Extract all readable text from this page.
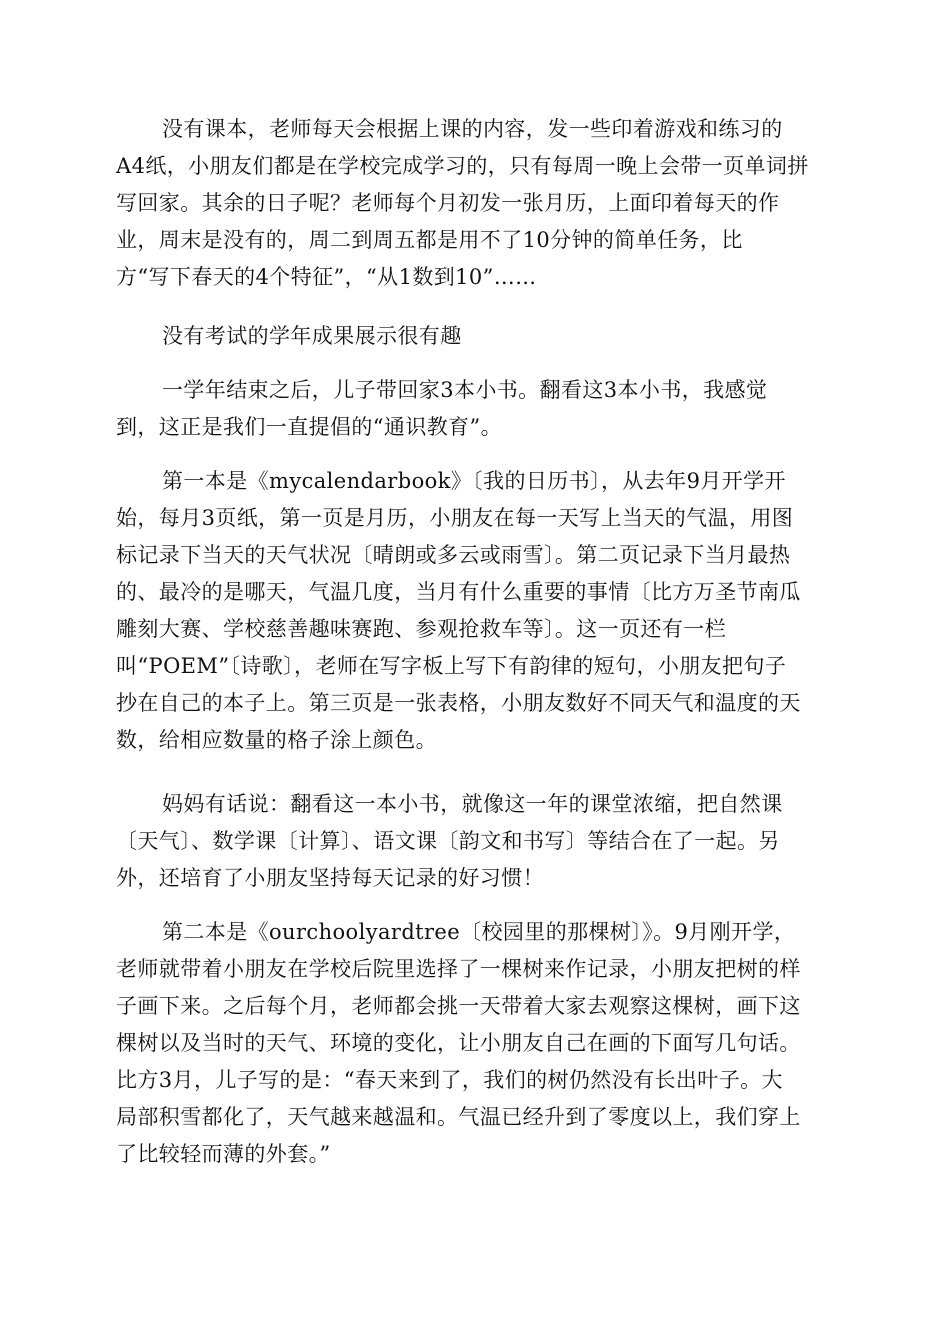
没有课本，老师每天会根据上课的内容，发一些印着游戏和练习的
A4纸，小朋友们都是在学校完成学习的，只有每周一晚上会带一页单词拼
写回家。其余的日子呢？老师每个月初发一张月历，上面印着每天的作
业，周末是没有的，周二到周五都是用不了10分钟的简单任务，比
方“写下春天的4个特征”，“从1数到10”……
没有考试的学年成果展示很有趣
一学年结束之后，儿子带回家3本小书。翻看这3本小书，我感觉
到，这正是我们一直提倡的“通识教育”。
第一本是《mycalendarbook》〔我的日历书〕，从去年9月开学开
始，每月3页纸，第一页是月历，小朋友在每一天写上当天的气温，用图
标记录下当天的天气状况〔晴朗或多云或雨雪〕。第二页记录下当月最热
的、最冷的是哪天，气温几度，当月有什么重要的事情〔比方万圣节南瓜
雕刻大赛、学校慈善趣味赛跑、参观抢救车等〕。这一页还有一栏
叫“POEM”〔诗歌〕，老师在写字板上写下有韵律的短句，小朋友把句子
抄在自己的本子上。第三页是一张表格，小朋友数好不同天气和温度的天
数，给相应数量的格子涂上颜色。
妈妈有话说：翻看这一本小书，就像这一年的课堂浓缩，把自然课
〔天气〕、数学课〔计算〕、语文课〔韵文和书写〕等结合在了一起。另
外，还培育了小朋友坚持每天记录的好习惯！
第二本是《ourchoolyardtree〔校园里的那棵树〕》。9月刚开学，
老师就带着小朋友在学校后院里选择了一棵树来作记录，小朋友把树的样
子画下来。之后每个月，老师都会挑一天带着大家去观察这棵树，画下这
棵树以及当时的天气、环境的变化，让小朋友自己在画的下面写几句话。
比方3月，儿子写的是：“春天来到了，我们的树仍然没有长出叶子。大
局部积雪都化了，天气越来越温和。气温已经升到了零度以上，我们穿上
了比较轻而薄的外套。”
